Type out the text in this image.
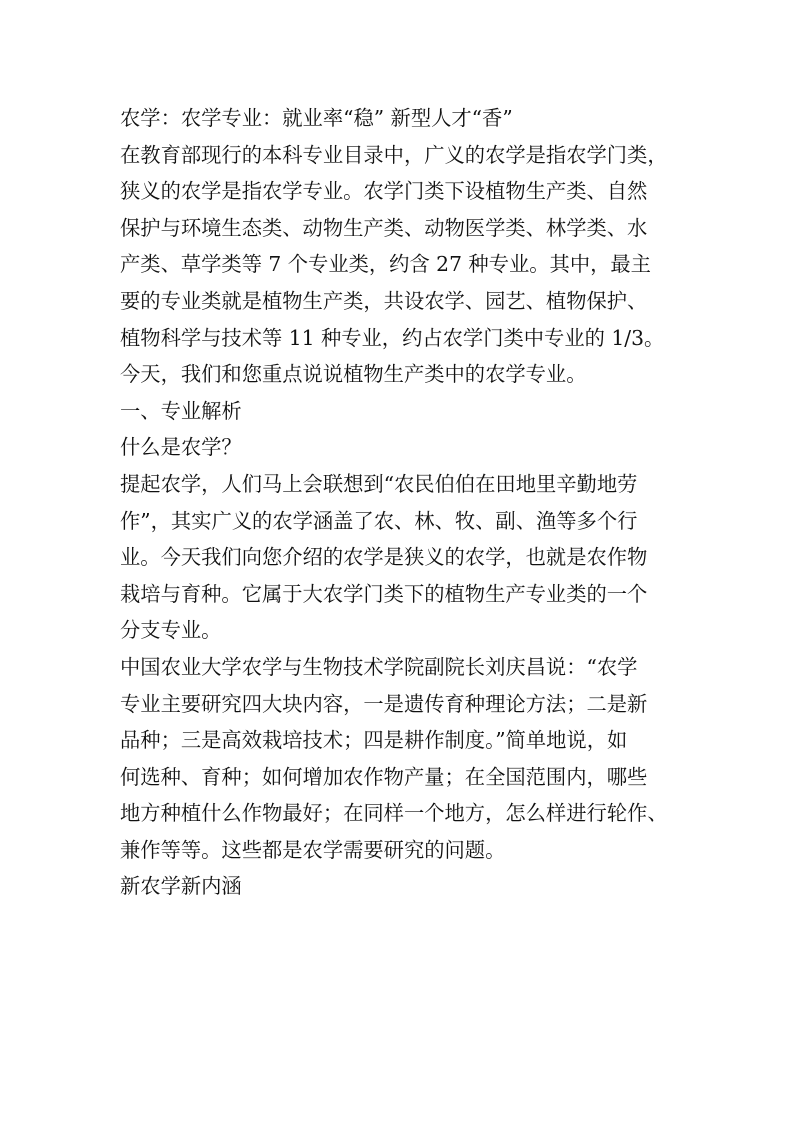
农学：农学专业：就业率“稳” 新型人才“香”
在教育部现行的本科专业目录中，广义的农学是指农学门类，
狭义的农学是指农学专业。农学门类下设植物生产类、自然
保护与环境生态类、动物生产类、动物医学类、林学类、水
产类、草学类等 7 个专业类，约含 27 种专业。其中，最主
要的专业类就是植物生产类，共设农学、园艺、植物保护、
植物科学与技术等 11 种专业，约占农学门类中专业的 1/3。
今天，我们和您重点说说植物生产类中的农学专业。
一、专业解析
什么是农学？
提起农学，人们马上会联想到“农民伯伯在田地里辛勤地劳
作”，其实广义的农学涵盖了农、林、牧、副、渔等多个行
业。今天我们向您介绍的农学是狭义的农学，也就是农作物
栽培与育种。它属于大农学门类下的植物生产专业类的一个
分支专业。
中国农业大学农学与生物技术学院副院长刘庆昌说：“农学
专业主要研究四大块内容，一是遗传育种理论方法；二是新
品种；三是高效栽培技术；四是耕作制度。”简单地说，如
何选种、育种；如何增加农作物产量；在全国范围内，哪些
地方种植什么作物最好；在同样一个地方，怎么样进行轮作、
兼作等等。这些都是农学需要研究的问题。
新农学新内涵
